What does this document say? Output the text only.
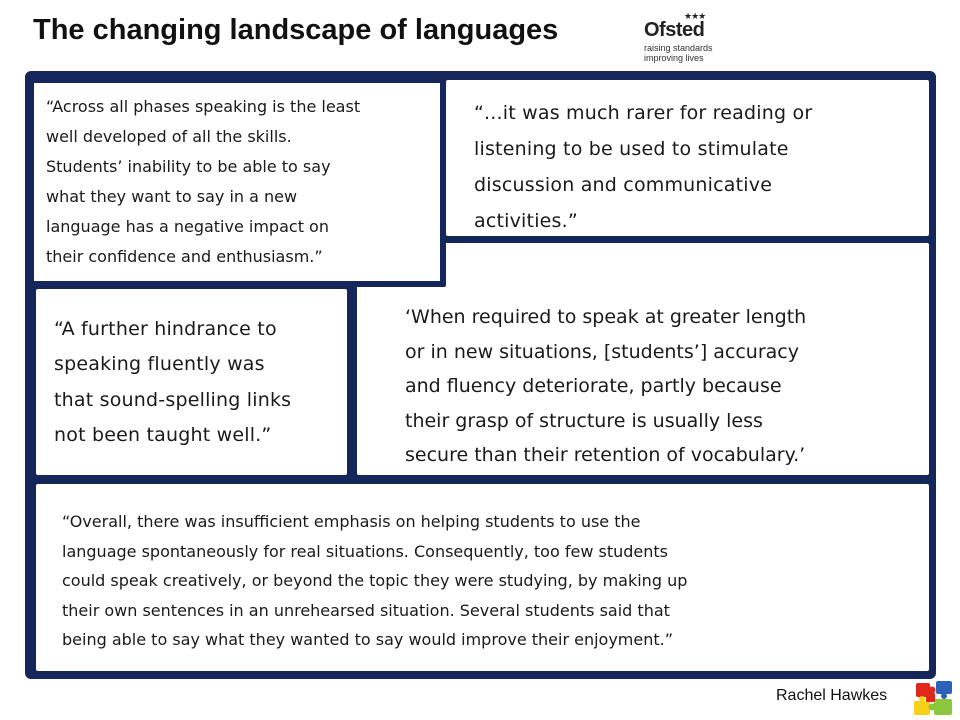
The changing landscape of languages	★★★
Ofsted
raising standards
improving lives

“...it was much rarer for reading or

listening to be used to stimulate

discussion and communicative

activities.”

“A further hindrance to

speaking fluently was

that sound-spelling links

not been taught well.”

‘When required to speak at greater length

or in new situations, [students’] accuracy

and fluency deteriorate, partly because

their grasp of structure is usually less

secure than their retention of vocabulary.’

“Overall, there was insufficient emphasis on helping students to use the

language spontaneously for real situations. Consequently, too few students

could speak creatively, or beyond the topic they were studying, by making up

their own sentences in an unrehearsed situation. Several students said that

being able to say what they wanted to say would improve their enjoyment.”

“Across all phases speaking is the least

well developed of all the skills.

Students’ inability to be able to say

what they want to say in a new

language has a negative impact on

their confidence and enthusiasm.”

Rachel Hawkes
